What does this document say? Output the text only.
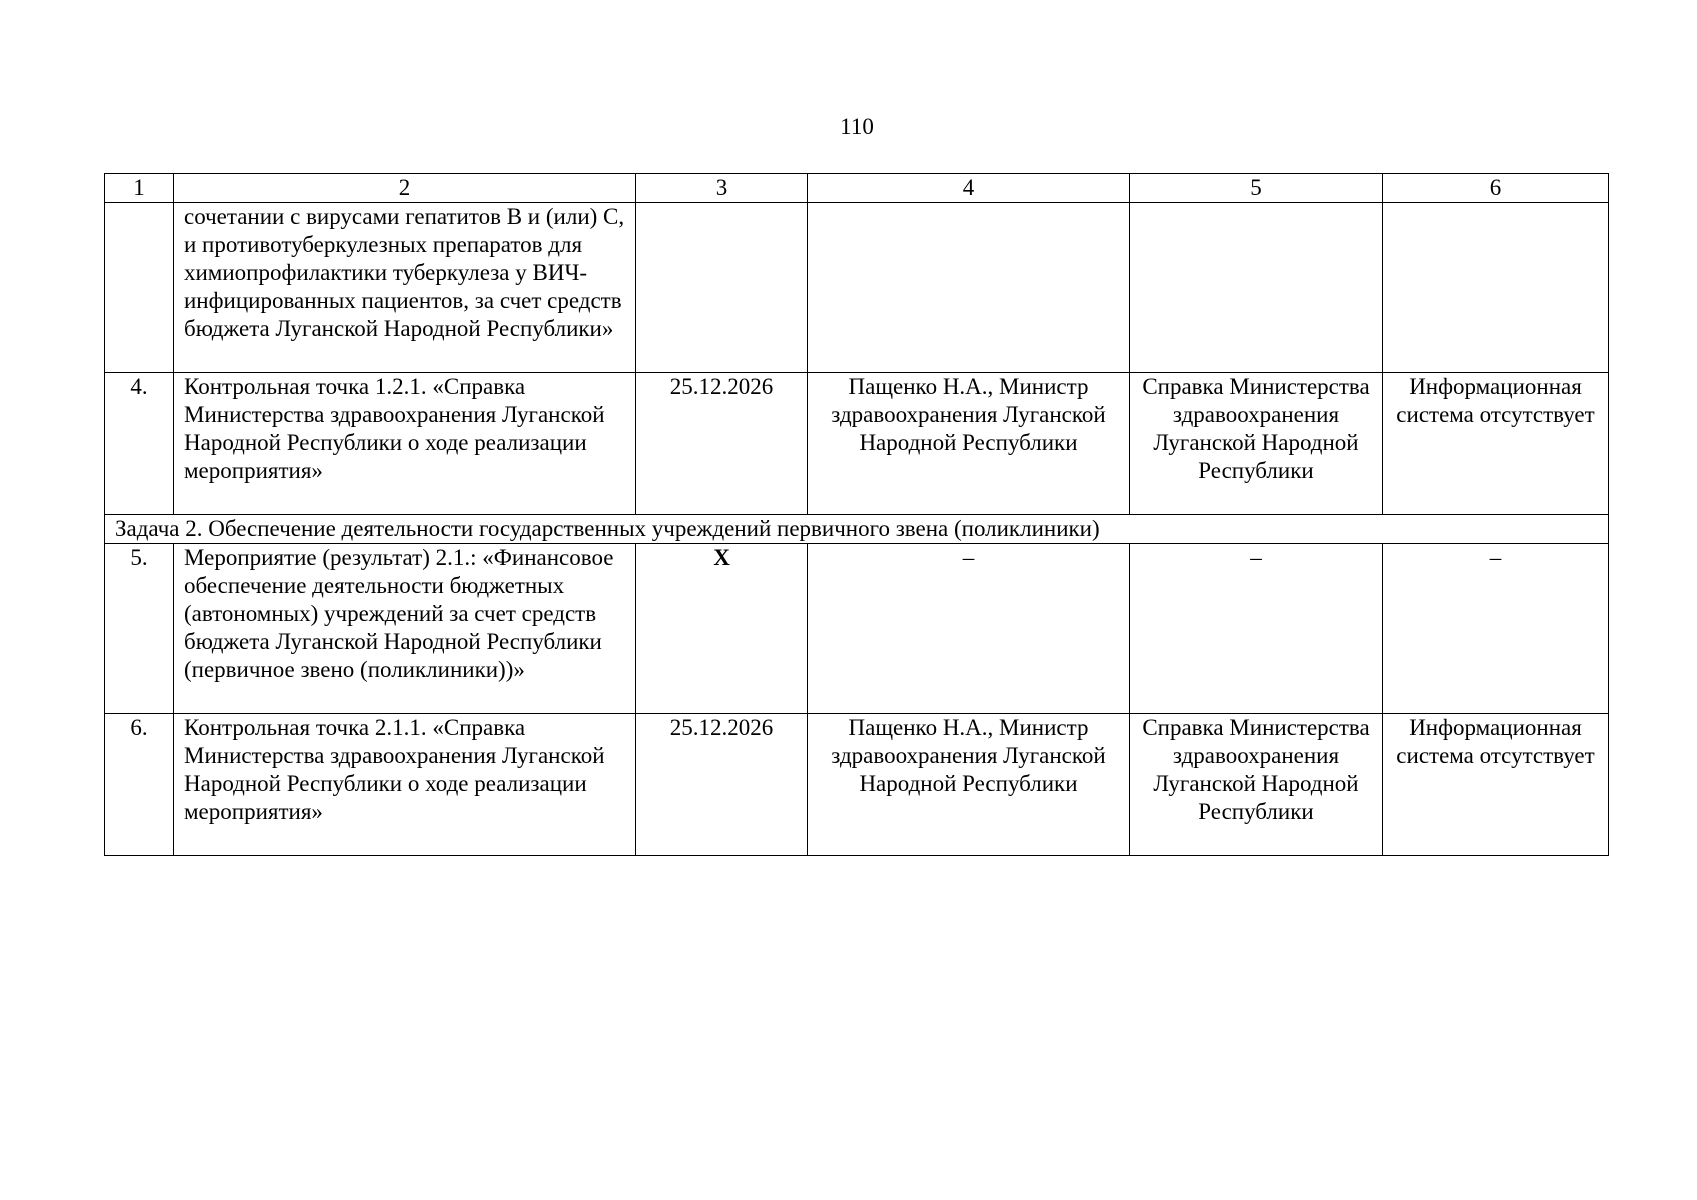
110
1	2	3	4	5	6
	сочетании с вирусами гепатитов В и (или) С, и противотуберкулезных препаратов для химиопрофилактики туберкулеза у ВИЧ-инфицированных пациентов, за счет средств бюджета Луганской Народной Республики»				
4.	Контрольная точка 1.2.1. «Справка Министерства здравоохранения Луганской Народной Республики о ходе реализации мероприятия»	25.12.2026	Пащенко Н.А., Министр здравоохранения Луганской Народной Республики	Справка Министерства здравоохранения Луганской Народной Республики	Информационная система отсутствует
Задача 2. Обеспечение деятельности государственных учреждений первичного звена (поликлиники)					
5.	Мероприятие (результат) 2.1.: «Финансовое обеспечение деятельности бюджетных (автономных) учреждений за счет средств бюджета Луганской Народной Республики (первичное звено (поликлиники))»	X	–	–	–
6.	Контрольная точка 2.1.1. «Справка Министерства здравоохранения Луганской Народной Республики о ходе реализации мероприятия»	25.12.2026	Пащенко Н.А., Министр здравоохранения Луганской Народной Республики	Справка Министерства здравоохранения Луганской Народной Республики	Информационная система отсутствует
